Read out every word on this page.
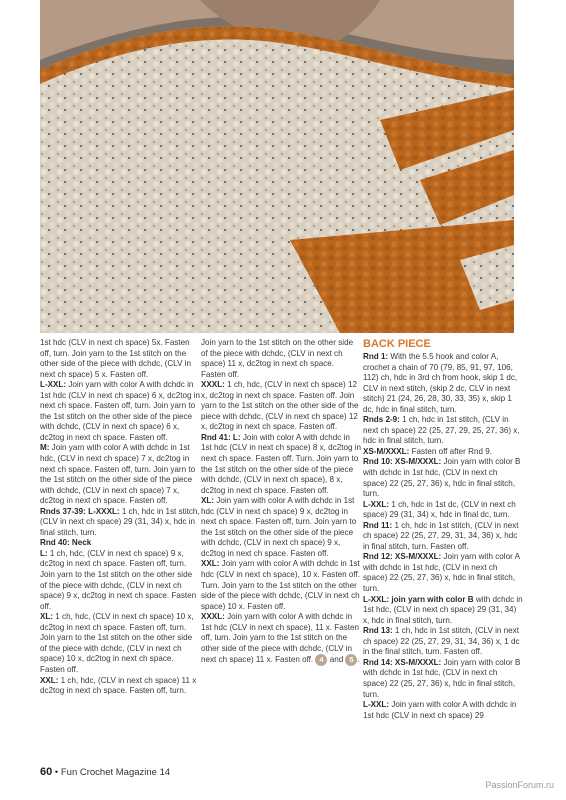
1st hdc (CLV in next ch space) 5x. Fasten off, turn. Join yarn to the 1st stitch on the other side of the piece with dchdc, (CLV in next ch space) 5 x. Fasten off.

L-XXL: Join yarn with color A with dchdc in 1st hdc (CLV in next ch space) 6 x, dc2tog in next ch space. Fasten off, turn. Join yarn to the 1st stitch on the other side of the piece with dchdc, (CLV in next ch space) 6 x, dc2tog in next ch space. Fasten off.

M: Join yarn with color A with dchdc in 1st hdc, (CLV in next ch space) 7 x, dc2tog in next ch space. Fasten off, turn. Join yarn to the 1st stitch on the other side of the piece with dchdc, (CLV in next ch space) 7 x, dc2tog in next ch space. Fasten off.

Rnds 37-39: L-XXXL: 1 ch, hdc in 1st stitch, (CLV in next ch space) 29 (31, 34) x, hdc in final stitch, turn.

Rnd 40: Neck

L: 1 ch, hdc, (CLV in next ch space) 9 x, dc2tog in next ch space. Fasten off, turn. Join yarn to the 1st stitch on the other side of the piece with dchdc, (CLV in next ch space) 9 x, dc2tog in next ch space. Fasten off.

XL: 1 ch, hdc, (CLV in next ch space) 10 x, dc2tog in next ch space. Fasten off, turn. Join yarn to the 1st stitch on the other side of the piece with dchdc, (CLV in next ch space) 10 x, dc2tog in next ch space. Fasten off.

XXL: 1 ch, hdc, (CLV in next ch space) 11 x dc2tog in next ch space. Fasten off, turn.

Join yarn to the 1st stitch on the other side of the piece with dchdc, (CLV in next ch space) 11 x, dc2tog in next ch space. Fasten off.

XXXL: 1 ch, hdc, (CLV in next ch space) 12 x, dc2tog in next ch space. Fasten off. Join yarn to the 1st stitch on the other side of the piece with dchdc, (CLV in next ch space) 12 x, dc2tog in next ch space. Fasten off.

Rnd 41: L: Join with color A with dchdc in 1st hdc (CLV in next ch space) 8 x, dc2tog in next ch space. Fasten off. Turn. Join yarn to the 1st stitch on the other side of the piece with dchdc, (CLV in next ch space), 8 x, dc2tog in next ch space. Fasten off.

XL: Join yarn with color A with dchdc in 1st hdc (CLV in next ch space) 9 x, dc2tog in next ch space. Fasten off, turn. Join yarn to the 1st stitch on the other side of the piece with dchdc, (CLV in next ch space) 9 x, dc2tog in next ch space. Fasten off.

XXL: Join yarn with color A with dchdc in 1st hdc (CLV in next ch space), 10 x. Fasten off. Turn. Join yarn to the 1st stitch on the other side of the piece with dchdc, (CLV in next ch space) 10 x. Fasten off.

XXXL: Join yarn with color A with dchdc in 1st hdc (CLV in next ch space), 11 x. Fasten off, turn. Join yarn to the 1st stitch on the other side of the piece with dchdc, (CLV in next ch space) 11 x. Fasten off. 4 and 5 .

BACK PIECE

Rnd 1: With the 5.5 hook and color A, crochet a chain of 70 (79, 85, 91, 97, 106, 112) ch, hdc in 3rd ch from hook, skip 1 dc, CLV in next stitch, (skip 2 dc, CLV in next stitch) 21 (24, 26, 28, 30, 33, 35) x, skip 1 dc, hdc in final stitch, turn.

Rnds 2-9: 1 ch, hdc in 1st stitch, (CLV in next ch space) 22 (25, 27, 29, 25, 27, 36) x, hdc in final stitch, turn.

XS-M/XXXL: Fasten off after Rnd 9.

Rnd 10: XS-M/XXXL: Join yarn with color B with dchdc in 1st hdc, (CLV in next ch space) 22 (25, 27, 36) x, hdc in final stitch, turn.

L-XXL: 1 ch, hdc in 1st dc, (CLV in next ch space) 29 (31, 34) x, hdc in final dc, turn.

Rnd 11: 1 ch, hdc in 1st stitch, (CLV in next ch space) 22 (25, 27, 29, 31, 34, 36) x, hdc in final stitch, turn. Fasten off.

Rnd 12: XS-M/XXXL: Join yarn with color A with dchdc in 1st hdc, (CLV in next ch space) 22 (25, 27, 36) x, hdc in final stitch, turn.

L-XXL: join yarn with color B with dchdc in 1st hdc, (CLV in next ch space) 29 (31, 34) x, hdc in final stitch, turn.

Rnd 13: 1 ch, hdc in 1st stitch, (CLV in next ch space) 22 (25, 27, 29, 31, 34, 36) x, 1 dc in the final stitch, turn. Fasten off.

Rnd 14: XS-M/XXXL: Join yarn with color B with dchdc in 1st hdc, (CLV in next ch space) 22 (25, 27, 36) x, hdc in final stitch, turn.

L-XXL: Join yarn with color A with dchdc in 1st hdc (CLV in next ch space) 29

60 • Fun Crochet Magazine 14
PassionForum.ru
